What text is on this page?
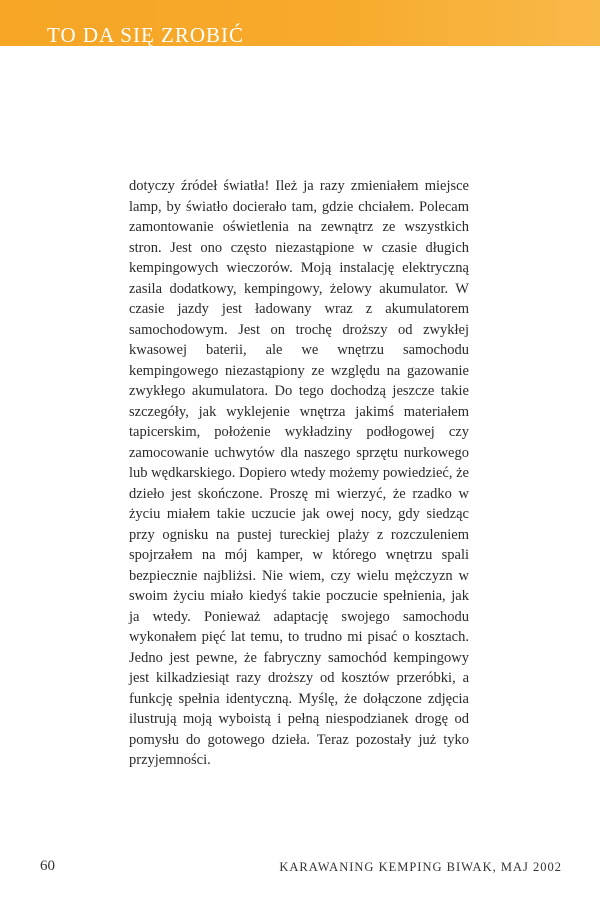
TO DA SIĘ ZROBIĆ

dotyczy źródeł światła! Ileż ja razy zmieniałem miejsce lamp, by światło docierało tam, gdzie chciałem. Polecam zamontowanie oświetlenia na zewnątrz ze wszystkich stron. Jest ono często niezastąpione w czasie długich kempingowych wieczorów. Moją instalację elektryczną zasila dodatkowy, kempingowy, żelowy akumulator. W czasie jazdy jest ładowany wraz z akumulatorem samochodowym. Jest on trochę droższy od zwykłej kwasowej baterii, ale we wnętrzu samochodu kempingowego niezastąpiony ze względu na gazowanie zwykłego akumulatora. Do tego dochodzą jeszcze takie szczegóły, jak wyklejenie wnętrza jakimś materiałem tapicerskim, położenie wykładziny podłogowej czy zamocowanie uchwytów dla naszego sprzętu nurkowego lub wędkarskiego. Dopiero wtedy możemy powiedzieć, że dzieło jest skończone. Proszę mi wierzyć, że rzadko w życiu miałem takie uczucie jak owej nocy, gdy siedząc przy ognisku na pustej tureckiej plaży z rozczuleniem spojrzałem na mój kamper, w którego wnętrzu spali bezpiecznie najbliżsi. Nie wiem, czy wielu mężczyzn w swoim życiu miało kiedyś takie poczucie spełnienia, jak ja wtedy. Ponieważ adaptację swojego samochodu wykonałem pięć lat temu, to trudno mi pisać o kosztach. Jedno jest pewne, że fabryczny samochód kempingowy jest kilkadziesiąt razy droższy od kosztów przeróbki, a funkcję spełnia identyczną. Myślę, że dołączone zdjęcia ilustrują moją wyboistą i pełną niespodzianek drogę od pomysłu do gotowego dzieła. Teraz pozostały już tyko przyjemności.

60	KARAWANING KEMPING BIWAK, MAJ 2002
